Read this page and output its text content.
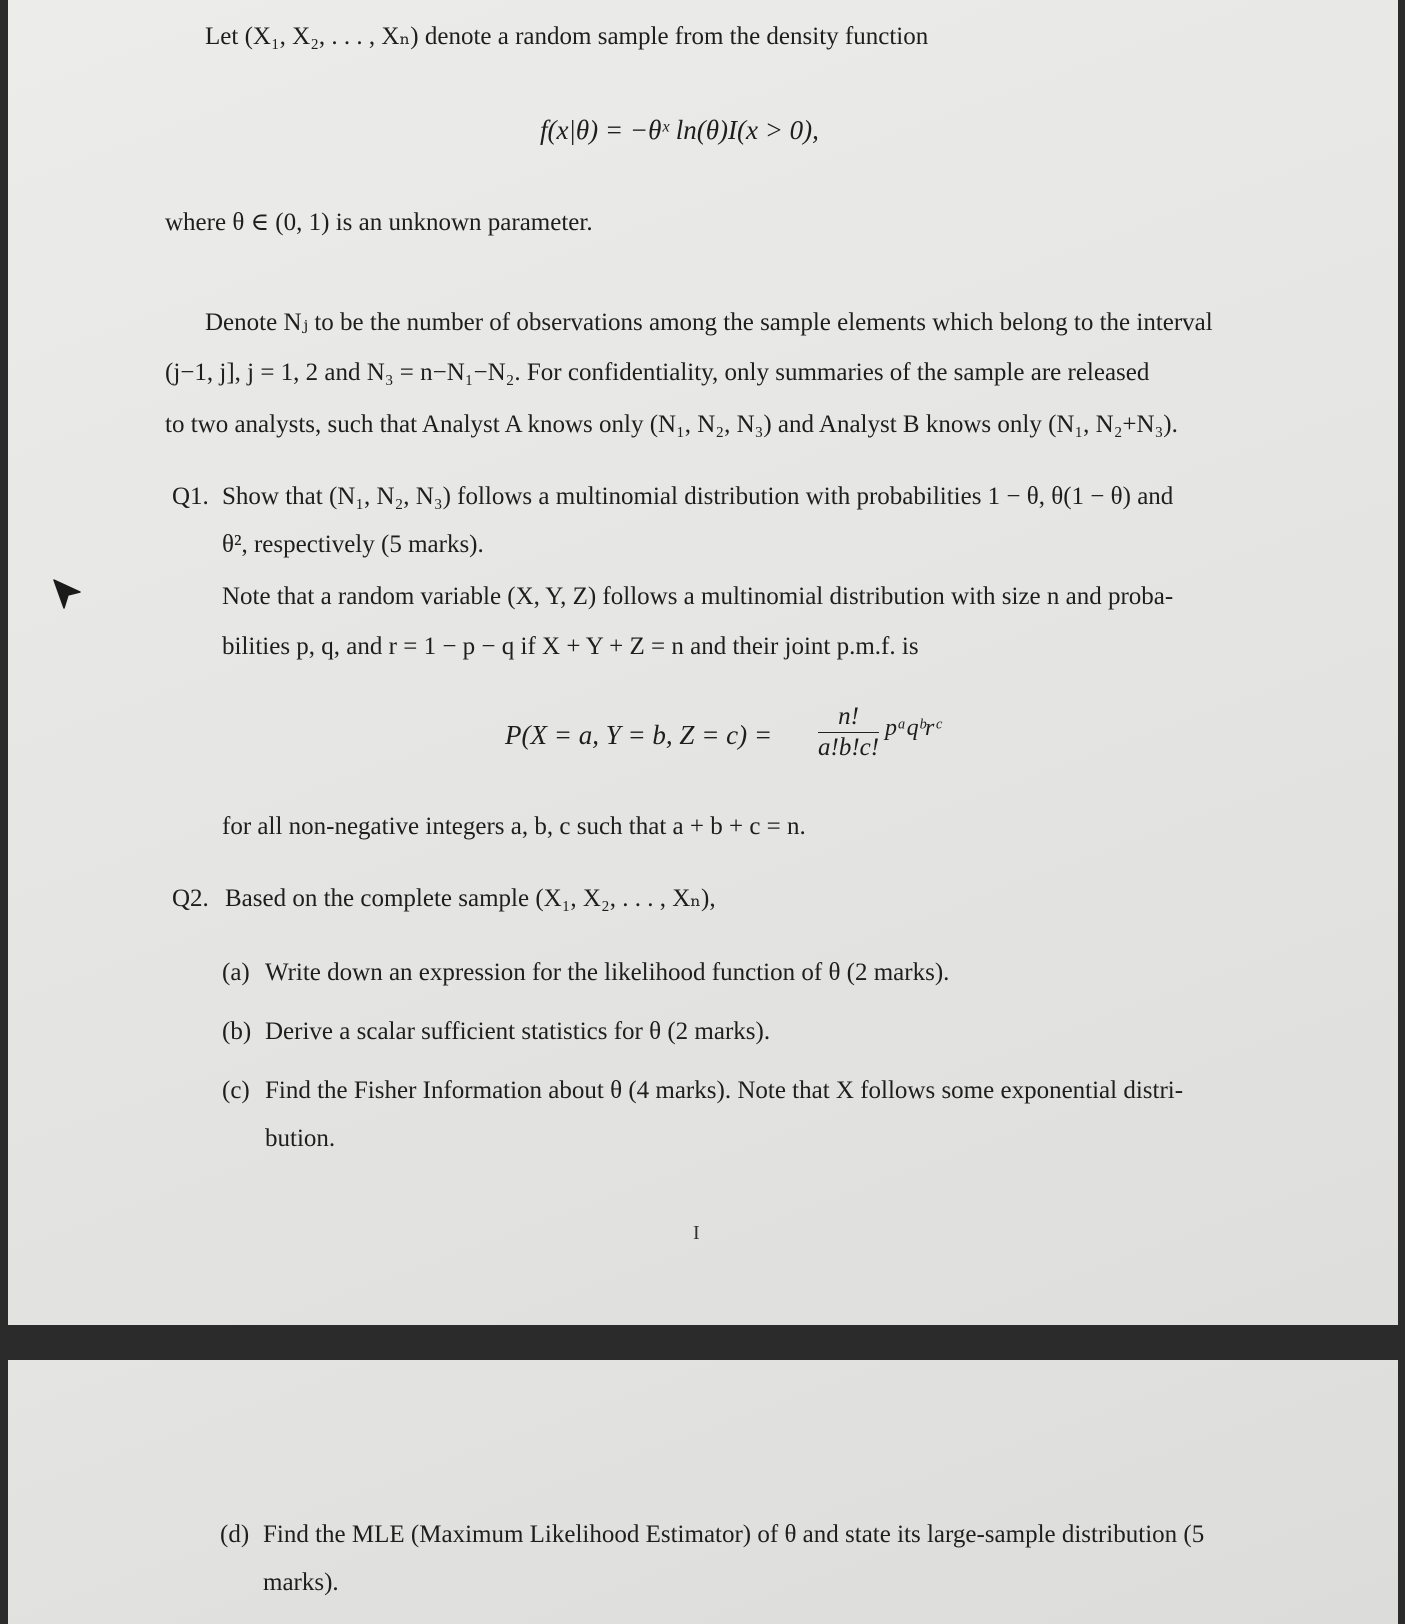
Let (X₁, X₂, . . . , Xₙ) denote a random sample from the density function
f(x|θ) = −θˣ ln(θ)I(x > 0),
where θ ∈ (0, 1) is an unknown parameter.
Denote Nⱼ to be the number of observations among the sample elements which belong to the interval
(j−1, j], j = 1, 2 and N₃ = n−N₁−N₂. For confidentiality, only summaries of the sample are released
to two analysts, such that Analyst A knows only (N₁, N₂, N₃) and Analyst B knows only (N₁, N₂+N₃).
Q1. Show that (N₁, N₂, N₃) follows a multinomial distribution with probabilities 1 − θ, θ(1 − θ) and
θ², respectively (5 marks).
Note that a random variable (X, Y, Z) follows a multinomial distribution with size n and proba-
bilities p, q, and r = 1 − p − q if X + Y + Z = n and their joint p.m.f. is
P(X = a, Y = b, $Z = c) = \frac{n!}{a!b!c!}$ pᵃqᵇrᶜ
for all non-negative integers a, b, c such that a + b + c = n.
Q2. Based on the complete sample (X₁, X₂, . . . , Xₙ),
(a) Write down an expression for the likelihood function of θ (2 marks).
(b) Derive a scalar sufficient statistics for θ (2 marks).
(c) Find the Fisher Information about θ (4 marks). Note that X follows some exponential distri-
bution.
I
(d) Find the MLE (Maximum Likelihood Estimator) of θ and state its large-sample distribution (5
marks).
